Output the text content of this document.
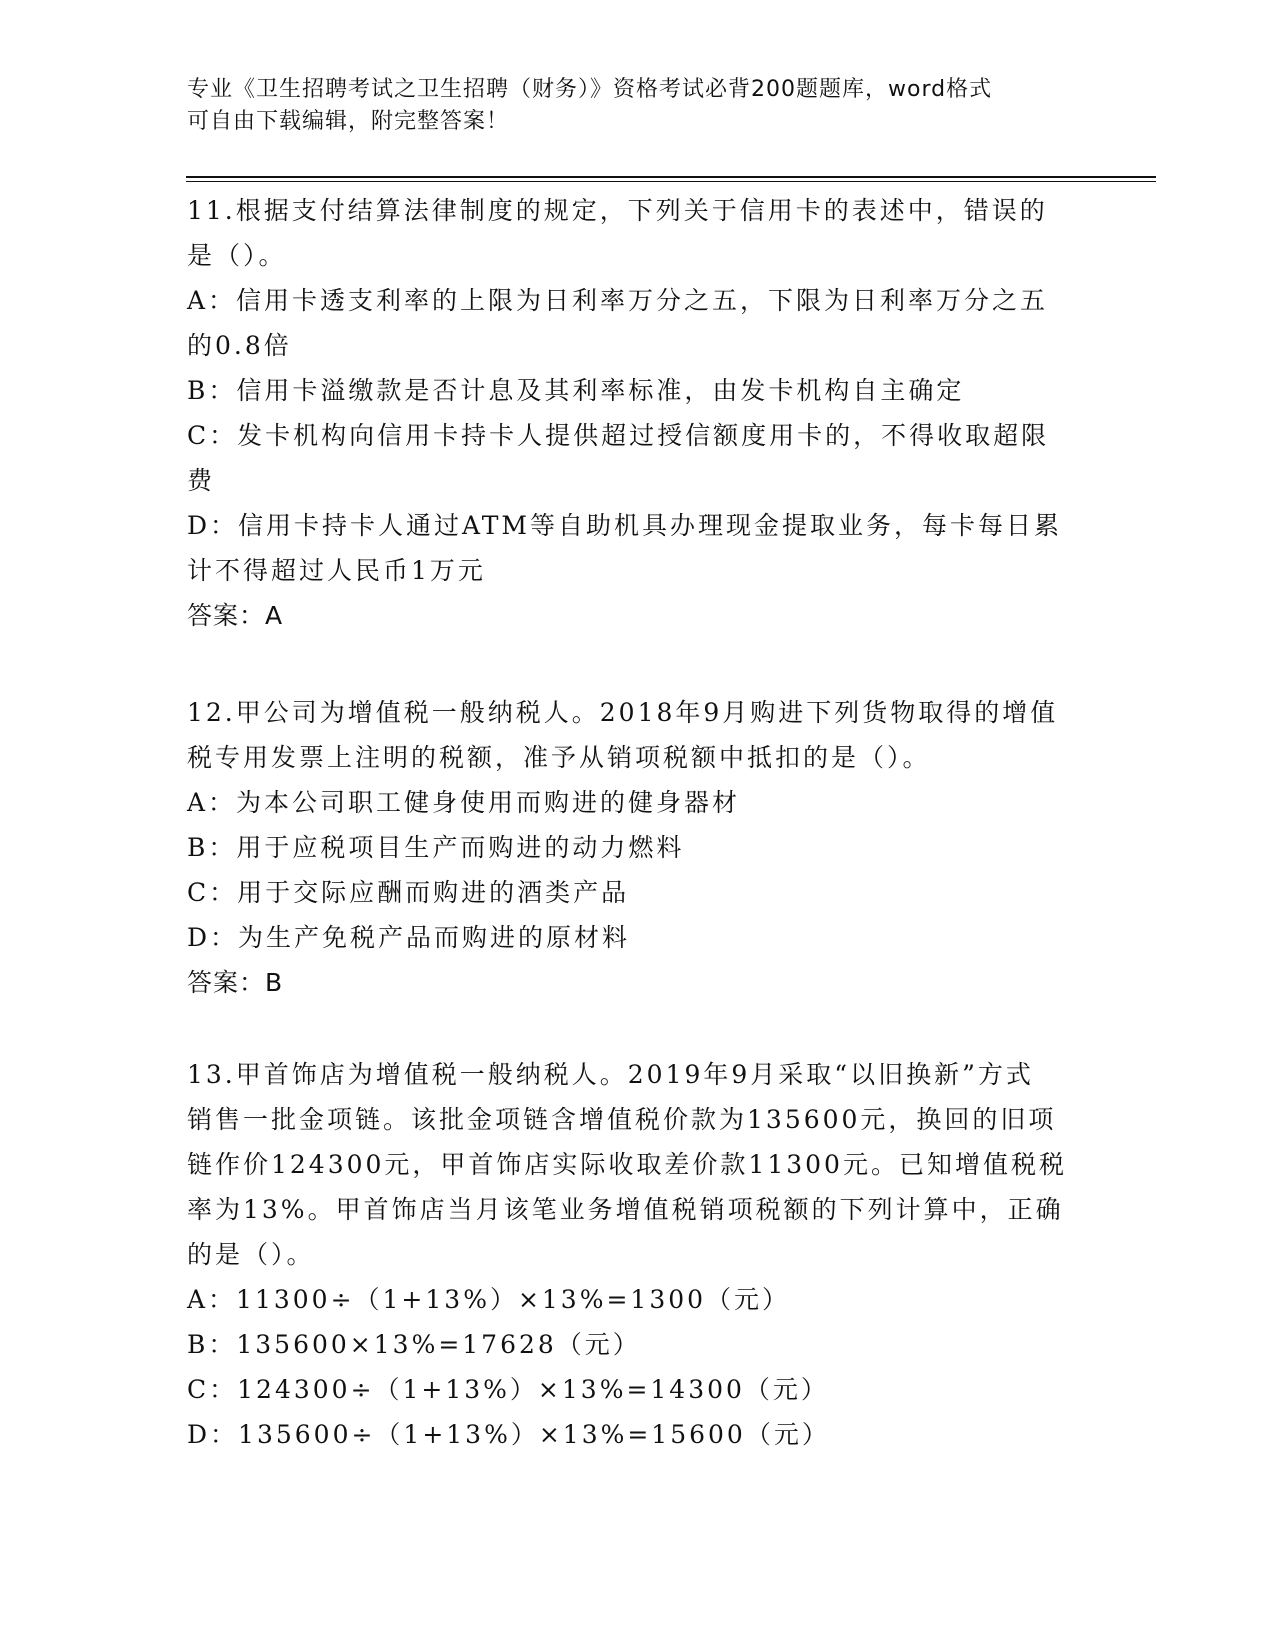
专业《卫生招聘考试之卫生招聘（财务）》资格考试必背200题题库，word格式
可自由下载编辑，附完整答案！
11.根据支付结算法律制度的规定，下列关于信用卡的表述中，错误的
是（）。
A：信用卡透支利率的上限为日利率万分之五，下限为日利率万分之五
的0.8倍
B：信用卡溢缴款是否计息及其利率标准，由发卡机构自主确定
C：发卡机构向信用卡持卡人提供超过授信额度用卡的，不得收取超限
费
D：信用卡持卡人通过ATM等自助机具办理现金提取业务，每卡每日累
计不得超过人民币1万元
答案：A
12.甲公司为增值税一般纳税人。2018年9月购进下列货物取得的增值
税专用发票上注明的税额，准予从销项税额中抵扣的是（）。
A：为本公司职工健身使用而购进的健身器材
B：用于应税项目生产而购进的动力燃料
C：用于交际应酬而购进的酒类产品
D：为生产免税产品而购进的原材料
答案：B
13.甲首饰店为增值税一般纳税人。2019年9月采取“以旧换新”方式
销售一批金项链。该批金项链含增值税价款为135600元，换回的旧项
链作价124300元，甲首饰店实际收取差价款11300元。已知增值税税
率为13%。甲首饰店当月该笔业务增值税销项税额的下列计算中，正确
的是（）。
A：11300÷（1+13%）×13%=1300（元）
B：135600×13%=17628（元）
C：124300÷（1+13%）×13%=14300（元）
D：135600÷（1+13%）×13%=15600（元）
